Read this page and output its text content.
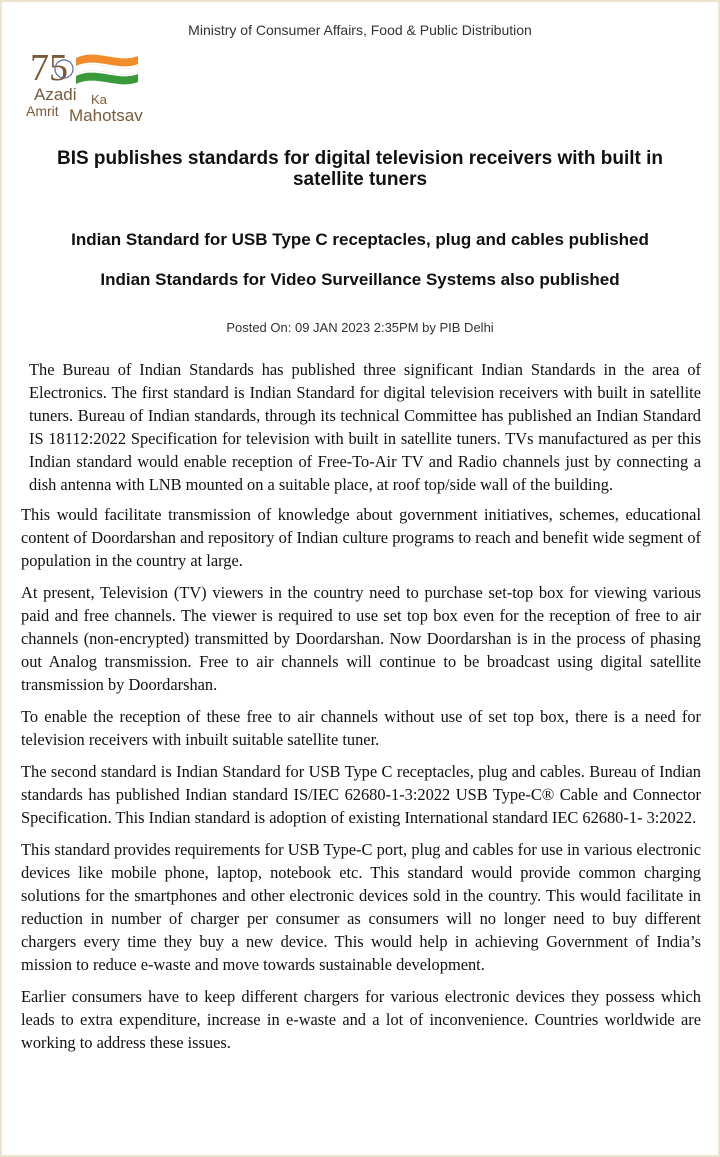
Ministry of Consumer Affairs, Food & Public Distribution
75
Azadi Ka
Amrit Mahotsav
BIS publishes standards for digital television receivers with built in satellite tuners
Indian Standard for USB Type C receptacles, plug and cables published
Indian Standards for Video Surveillance Systems also published
Posted On: 09 JAN 2023 2:35PM by PIB Delhi

The Bureau of Indian Standards has published three significant Indian Standards in the area of Electronics. The first standard is Indian Standard for digital television receivers with built in satellite tuners. Bureau of Indian standards, through its technical Committee has published an Indian Standard IS 18112:2022 Specification for television with built in satellite tuners. TVs manufactured as per this Indian standard would enable reception of Free-To-Air TV and Radio channels just by connecting a dish antenna with LNB mounted on a suitable place, at roof top/side wall of the building.

This would facilitate transmission of knowledge about government initiatives, schemes, educational content of Doordarshan and repository of Indian culture programs to reach and benefit wide segment of population in the country at large.

At present, Television (TV) viewers in the country need to purchase set-top box for viewing various paid and free channels. The viewer is required to use set top box even for the reception of free to air channels (non-encrypted) transmitted by Doordarshan. Now Doordarshan is in the process of phasing out Analog transmission. Free to air channels will continue to be broadcast using digital satellite transmission by Doordarshan.

To enable the reception of these free to air channels without use of set top box, there is a need for television receivers with inbuilt suitable satellite tuner.

The second standard is Indian Standard for USB Type C receptacles, plug and cables. Bureau of Indian standards has published Indian standard IS/IEC 62680-1-3:2022 USB Type-C® Cable and Connector Specification. This Indian standard is adoption of existing International standard IEC 62680-1- 3:2022.

This standard provides requirements for USB Type-C port, plug and cables for use in various electronic devices like mobile phone, laptop, notebook etc. This standard would provide common charging solutions for the smartphones and other electronic devices sold in the country. This would facilitate in reduction in number of charger per consumer as consumers will no longer need to buy different chargers every time they buy a new device. This would help in achieving Government of India’s mission to reduce e-waste and move towards sustainable development.

Earlier consumers have to keep different chargers for various electronic devices they possess which leads to extra expenditure, increase in e-waste and a lot of inconvenience. Countries worldwide are working to address these issues.
